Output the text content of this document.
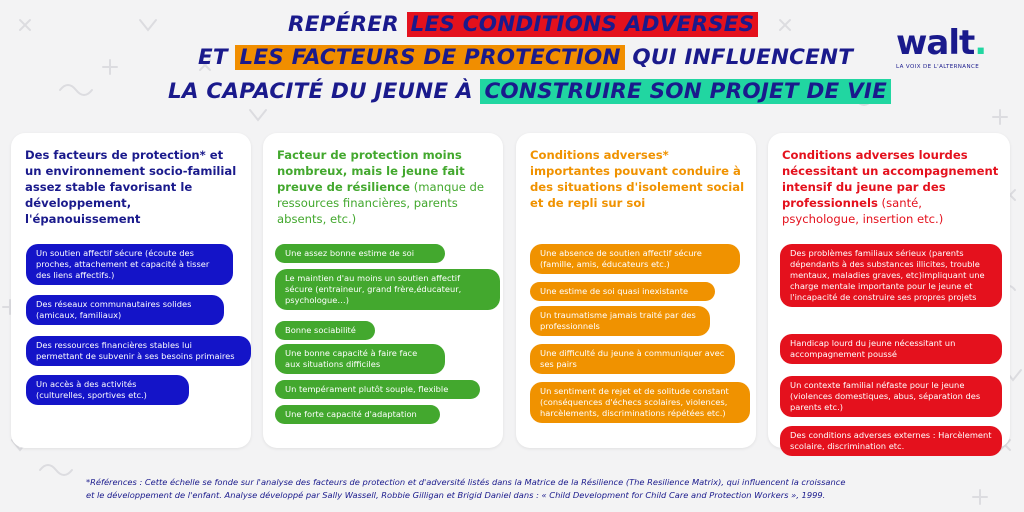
REPÉRER LES CONDITIONS ADVERSES
ET LES FACTEURS DE PROTECTION QUI INFLUENCENT
LA CAPACITÉ DU JEUNE À CONSTRUIRE SON PROJET DE VIE
walt.
LA VOIX DE L'ALTERNANCE
Des facteurs de protection* et un environnement socio-familial assez stable favorisant le développement, l'épanouissement
Un soutien affectif sécure (écoute des proches, attachement et capacité à tisser des liens affectifs.)
Des réseaux communautaires solides (amicaux, familiaux)
Des ressources financières stables lui permettant de subvenir à ses besoins primaires
Un accès à des activités (culturelles, sportives etc.)
Facteur de protection moins nombreux, mais le jeune fait preuve de résilience (manque de ressources financières, parents absents, etc.)
Une assez bonne estime de soi
Le maintien d'au moins un soutien affectif sécure (entraineur, grand frère,éducateur, psychologue…)
Bonne sociabilité
Une bonne capacité à faire face aux situations difficiles
Un tempérament plutôt souple, flexible
Une forte capacité d'adaptation
Conditions adverses* importantes pouvant conduire à des situations d'isolement social et de repli sur soi
Une absence de soutien affectif sécure (famille, amis, éducateurs etc.)
Une estime de soi quasi inexistante
Un traumatisme jamais traité par des professionnels
Une difficulté du jeune à communiquer avec ses pairs
Un sentiment de rejet et de solitude constant (conséquences d'échecs scolaires, violences, harcèlements, discriminations répétées etc.)
Conditions adverses lourdes nécessitant un accompagnement intensif du jeune par des professionnels (santé, psychologue, insertion etc.)
Des problèmes familiaux sérieux (parents dépendants à des substances illicites, trouble mentaux, maladies graves, etc)impliquant une charge mentale importante pour le jeune et l'incapacité de construire ses propres projets
Handicap lourd du jeune nécessitant un accompagnement poussé
Un contexte familial néfaste pour le jeune (violences domestiques, abus, séparation des parents etc.)
Des conditions adverses externes : Harcèlement scolaire, discrimination etc.
*Références : Cette échelle se fonde sur l'analyse des facteurs de protection et d'adversité listés dans la Matrice de la Résilience (The Resilience Matrix), qui influencent la croissance
et le développement de l'enfant. Analyse développé par Sally Wassell, Robbie Gilligan et Brigid Daniel dans : « Child Development for Child Care and Protection Workers », 1999.
